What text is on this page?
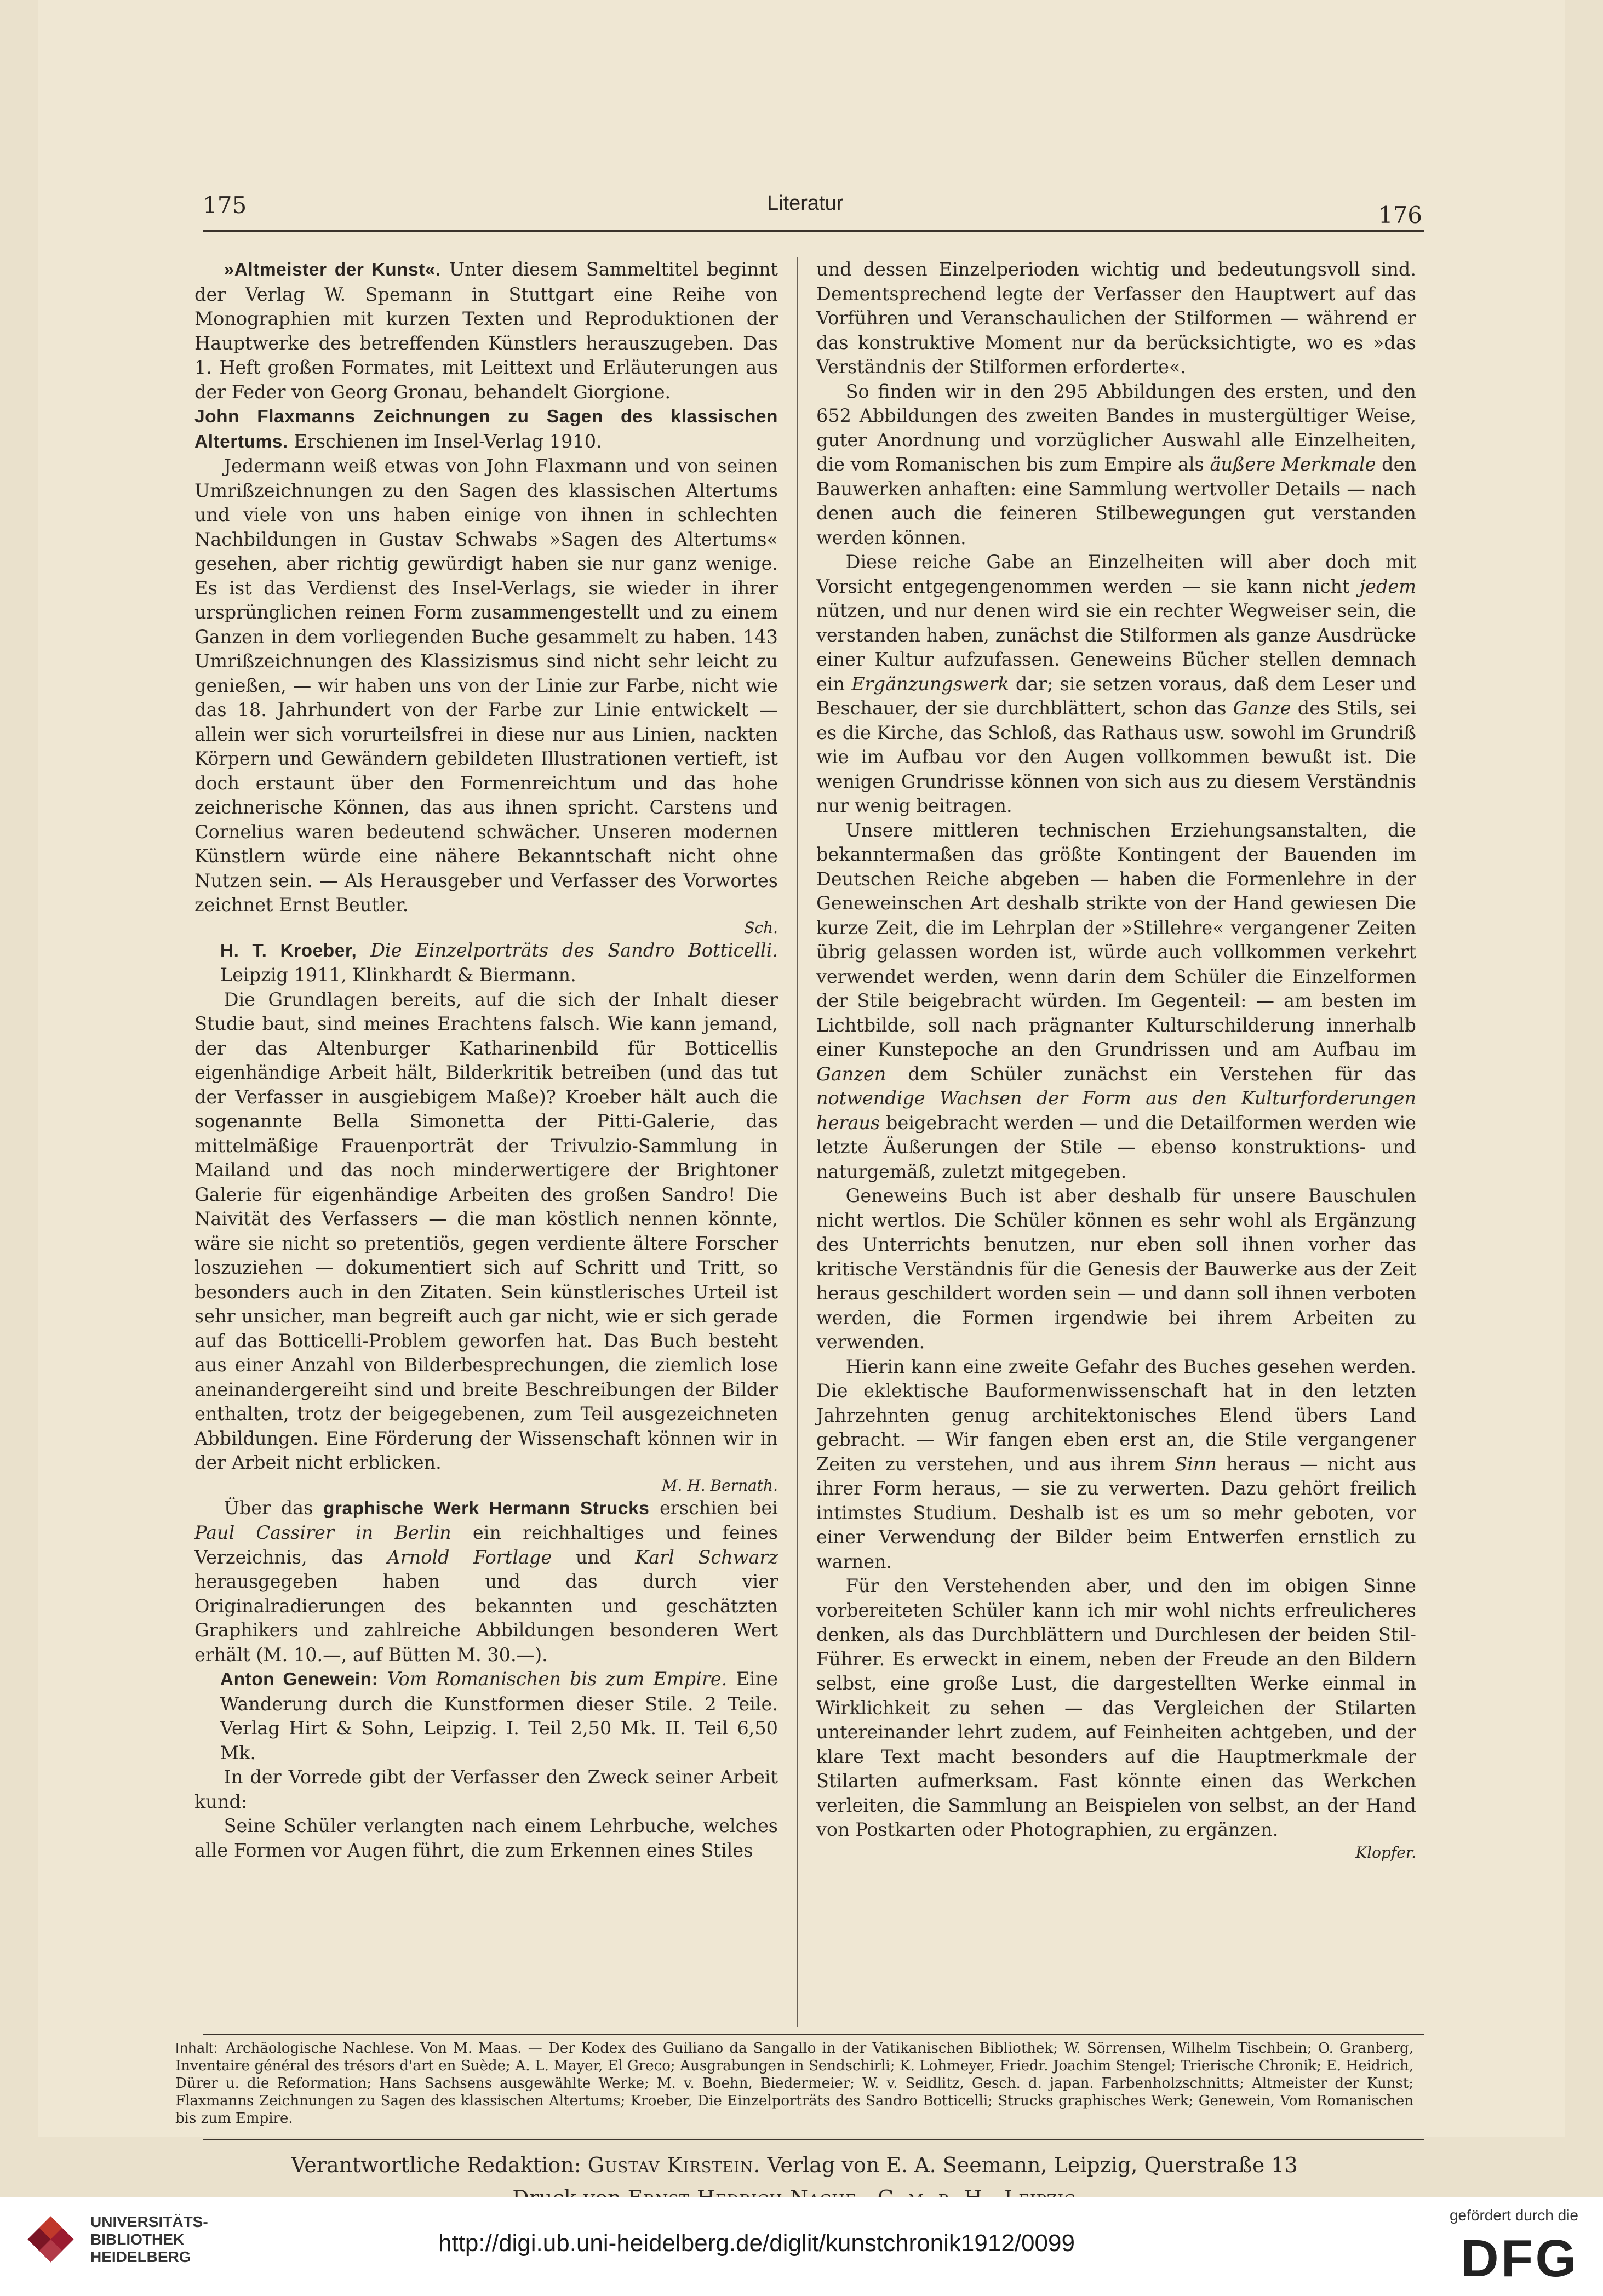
175	Literatur	176

»Altmeister der Kunst«. Unter diesem Sammeltitel beginnt der Verlag W. Spemann in Stuttgart eine Reihe von Monographien mit kurzen Texten und Reproduktionen der Hauptwerke des betreffenden Künstlers herauszugeben. Das 1. Heft großen Formates, mit Leittext und Erläuterungen aus der Feder von Georg Gronau, behandelt Giorgione.

John Flaxmanns Zeichnungen zu Sagen des klassischen Altertums. Erschienen im Insel-Verlag 1910.

Jedermann weiß etwas von John Flaxmann und von seinen Umrißzeichnungen zu den Sagen des klassischen Altertums und viele von uns haben einige von ihnen in schlechten Nachbildungen in Gustav Schwabs »Sagen des Altertums« gesehen, aber richtig gewürdigt haben sie nur ganz wenige. Es ist das Verdienst des Insel-Verlags, sie wieder in ihrer ursprünglichen reinen Form zusammengestellt und zu einem Ganzen in dem vorliegenden Buche gesammelt zu haben. 143 Umrißzeichnungen des Klassizismus sind nicht sehr leicht zu genießen, — wir haben uns von der Linie zur Farbe, nicht wie das 18. Jahrhundert von der Farbe zur Linie entwickelt — allein wer sich vorurteilsfrei in diese nur aus Linien, nackten Körpern und Gewändern gebildeten Illustrationen vertieft, ist doch erstaunt über den Formenreichtum und das hohe zeichnerische Können, das aus ihnen spricht. Carstens und Cornelius waren bedeutend schwächer. Unseren modernen Künstlern würde eine nähere Bekanntschaft nicht ohne Nutzen sein. — Als Herausgeber und Verfasser des Vorwortes zeichnet Ernst Beutler.

Sch.

H. T. Kroeber, Die Einzelporträts des Sandro Botticelli. Leipzig 1911, Klinkhardt & Biermann.

Die Grundlagen bereits, auf die sich der Inhalt dieser Studie baut, sind meines Erachtens falsch. Wie kann jemand, der das Altenburger Katharinenbild für Botticellis eigenhändige Arbeit hält, Bilderkritik betreiben (und das tut der Verfasser in ausgiebigem Maße)? Kroeber hält auch die sogenannte Bella Simonetta der Pitti-Galerie, das mittelmäßige Frauenporträt der Trivulzio-Sammlung in Mailand und das noch minderwertigere der Brightoner Galerie für eigenhändige Arbeiten des großen Sandro! Die Naivität des Verfassers — die man köstlich nennen könnte, wäre sie nicht so pretentiös, gegen verdiente ältere Forscher loszuziehen — dokumentiert sich auf Schritt und Tritt, so besonders auch in den Zitaten. Sein künstlerisches Urteil ist sehr unsicher, man begreift auch gar nicht, wie er sich gerade auf das Botticelli-Problem geworfen hat. Das Buch besteht aus einer Anzahl von Bilderbesprechungen, die ziemlich lose aneinandergereiht sind und breite Beschreibungen der Bilder enthalten, trotz der beigegebenen, zum Teil ausgezeichneten Abbildungen. Eine Förderung der Wissenschaft können wir in der Arbeit nicht erblicken.

M. H. Bernath.

Über das graphische Werk Hermann Strucks erschien bei Paul Cassirer in Berlin ein reichhaltiges und feines Verzeichnis, das Arnold Fortlage und Karl Schwarz herausgegeben haben und das durch vier Originalradierungen des bekannten und geschätzten Graphikers und zahlreiche Abbildungen besonderen Wert erhält (M. 10.—, auf Bütten M. 30.—).

Anton Genewein: Vom Romanischen bis zum Empire. Eine Wanderung durch die Kunstformen dieser Stile. 2 Teile. Verlag Hirt & Sohn, Leipzig. I. Teil 2,50 Mk. II. Teil 6,50 Mk.

In der Vorrede gibt der Verfasser den Zweck seiner Arbeit kund:

Seine Schüler verlangten nach einem Lehrbuche, welches alle Formen vor Augen führt, die zum Erkennen eines Stiles

und dessen Einzelperioden wichtig und bedeutungsvoll sind. Dementsprechend legte der Verfasser den Hauptwert auf das Vorführen und Veranschaulichen der Stilformen — während er das konstruktive Moment nur da berücksichtigte, wo es »das Verständnis der Stilformen erforderte«.

So finden wir in den 295 Abbildungen des ersten, und den 652 Abbildungen des zweiten Bandes in mustergültiger Weise, guter Anordnung und vorzüglicher Auswahl alle Einzelheiten, die vom Romanischen bis zum Empire als äußere Merkmale den Bauwerken anhaften: eine Sammlung wertvoller Details — nach denen auch die feineren Stilbewegungen gut verstanden werden können.

Diese reiche Gabe an Einzelheiten will aber doch mit Vorsicht entgegengenommen werden — sie kann nicht jedem nützen, und nur denen wird sie ein rechter Wegweiser sein, die verstanden haben, zunächst die Stilformen als ganze Ausdrücke einer Kultur aufzufassen. Geneweins Bücher stellen demnach ein Ergänzungswerk dar; sie setzen voraus, daß dem Leser und Beschauer, der sie durchblättert, schon das Ganze des Stils, sei es die Kirche, das Schloß, das Rathaus usw. sowohl im Grundriß wie im Aufbau vor den Augen vollkommen bewußt ist. Die wenigen Grundrisse können von sich aus zu diesem Verständnis nur wenig beitragen.

Unsere mittleren technischen Erziehungsanstalten, die bekanntermaßen das größte Kontingent der Bauenden im Deutschen Reiche abgeben — haben die Formenlehre in der Geneweinschen Art deshalb strikte von der Hand gewiesen Die kurze Zeit, die im Lehrplan der »Stillehre« vergangener Zeiten übrig gelassen worden ist, würde auch vollkommen verkehrt verwendet werden, wenn darin dem Schüler die Einzelformen der Stile beigebracht würden. Im Gegenteil: — am besten im Lichtbilde, soll nach prägnanter Kulturschilderung innerhalb einer Kunstepoche an den Grundrissen und am Aufbau im Ganzen dem Schüler zunächst ein Verstehen für das notwendige Wachsen der Form aus den Kulturforderungen heraus beigebracht werden — und die Detailformen werden wie letzte Äußerungen der Stile — ebenso konstruktions- und naturgemäß, zuletzt mitgegeben.

Geneweins Buch ist aber deshalb für unsere Bauschulen nicht wertlos. Die Schüler können es sehr wohl als Ergänzung des Unterrichts benutzen, nur eben soll ihnen vorher das kritische Verständnis für die Genesis der Bauwerke aus der Zeit heraus geschildert worden sein — und dann soll ihnen verboten werden, die Formen irgendwie bei ihrem Arbeiten zu verwenden.

Hierin kann eine zweite Gefahr des Buches gesehen werden. Die eklektische Bauformenwissenschaft hat in den letzten Jahrzehnten genug architektonisches Elend übers Land gebracht. — Wir fangen eben erst an, die Stile vergangener Zeiten zu verstehen, und aus ihrem Sinn heraus — nicht aus ihrer Form heraus, — sie zu verwerten. Dazu gehört freilich intimstes Studium. Deshalb ist es um so mehr geboten, vor einer Verwendung der Bilder beim Entwerfen ernstlich zu warnen.

Für den Verstehenden aber, und den im obigen Sinne vorbereiteten Schüler kann ich mir wohl nichts erfreulicheres denken, als das Durchblättern und Durchlesen der beiden Stil-Führer. Es erweckt in einem, neben der Freude an den Bildern selbst, eine große Lust, die dargestellten Werke einmal in Wirklichkeit zu sehen — das Vergleichen der Stilarten untereinander lehrt zudem, auf Feinheiten achtgeben, und der klare Text macht besonders auf die Hauptmerkmale der Stilarten aufmerksam. Fast könnte einen das Werkchen verleiten, die Sammlung an Beispielen von selbst, an der Hand von Postkarten oder Photographien, zu ergänzen.

Klopfer.

Inhalt: Archäologische Nachlese. Von M. Maas. — Der Kodex des Guiliano da Sangallo in der Vatikanischen Bibliothek; W. Sörrensen, Wilhelm Tischbein; O. Granberg, Inventaire général des trésors d'art en Suède; A. L. Mayer, El Greco; Ausgrabungen in Sendschirli; K. Lohmeyer, Friedr. Joachim Stengel; Trierische Chronik; E. Heidrich, Dürer u. die Reformation; Hans Sachsens ausgewählte Werke; M. v. Boehn, Biedermeier; W. v. Seidlitz, Gesch. d. japan. Farbenholzschnitts; Altmeister der Kunst; Flaxmanns Zeichnungen zu Sagen des klassischen Altertums; Kroeber, Die Einzelporträts des Sandro Botticelli; Strucks graphisches Werk; Genewein, Vom Romanischen bis zum Empire.
Verantwortliche Redaktion: Gustav Kirstein. Verlag von E. A. Seemann, Leipzig, Querstraße 13
UNIVERSITÄTS-
BIBLIOTHEK
HEIDELBERG	http://digi.ub.uni-heidelberg.de/diglit/kunstchronik1912/0099
gefördert durch die
DFG
